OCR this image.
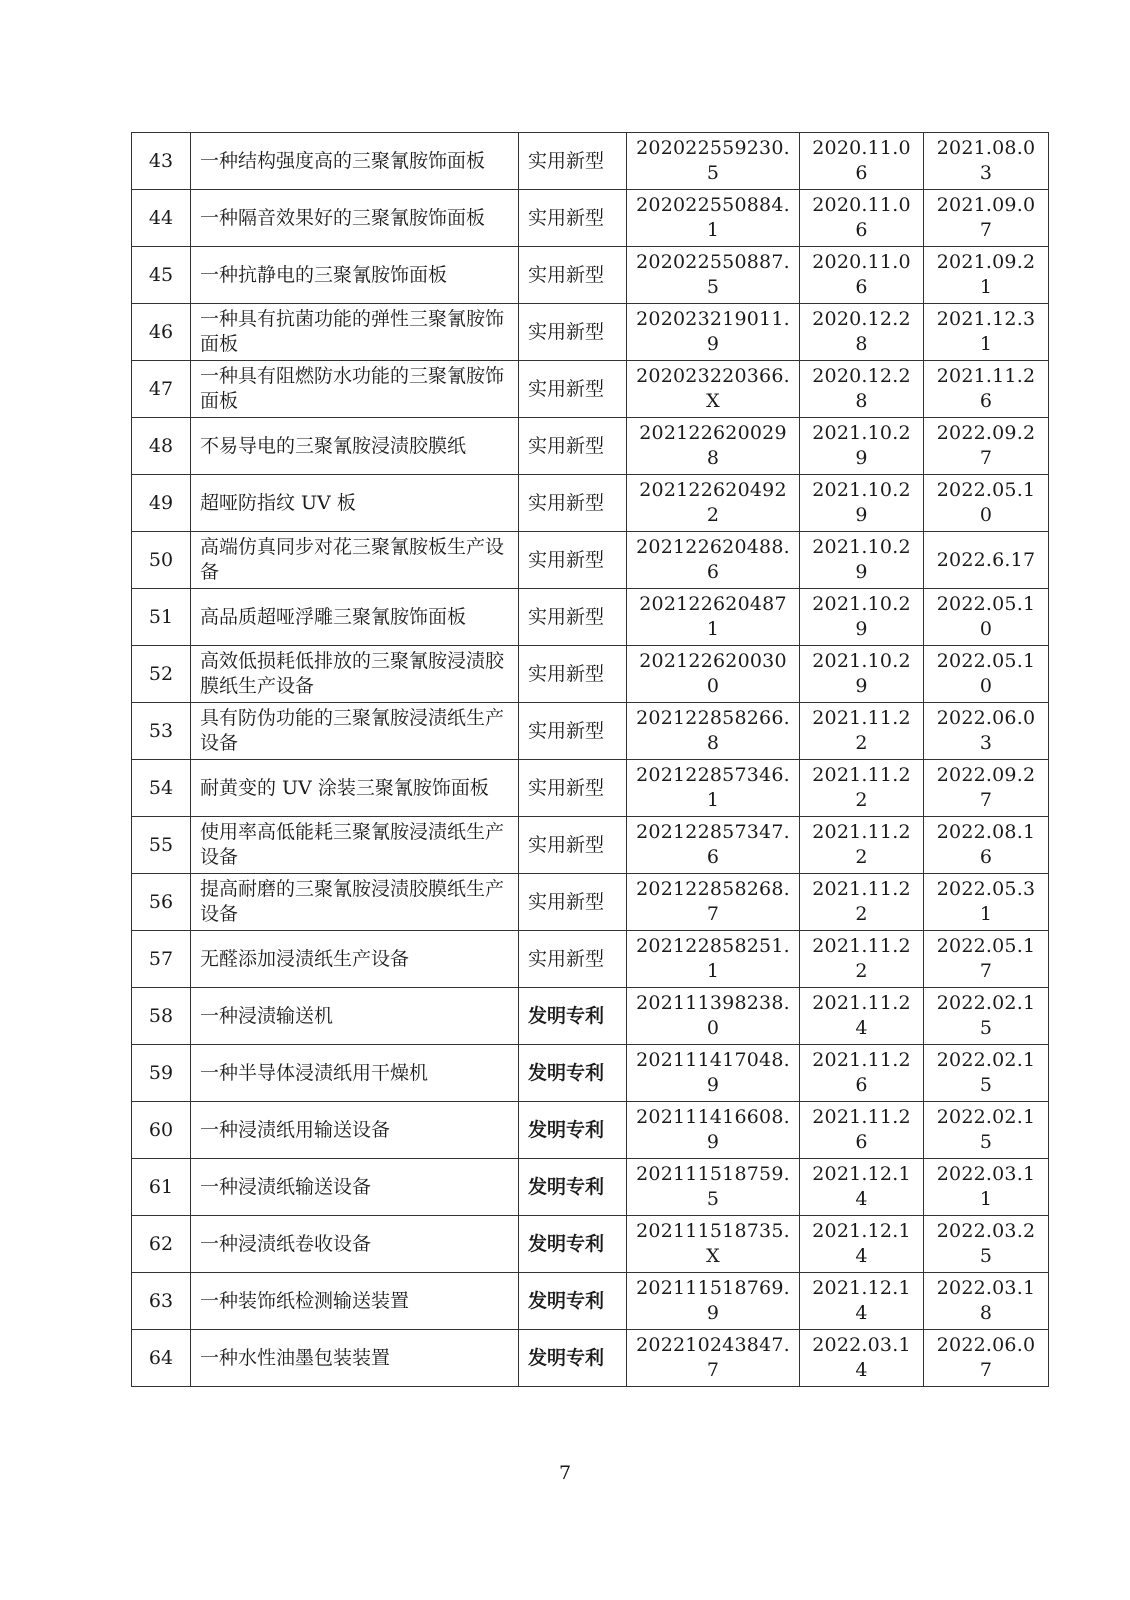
43	一种结构强度高的三聚氰胺饰面板	实用新型	202022559230.5	2020.11.06	2021.08.03
44	一种隔音效果好的三聚氰胺饰面板	实用新型	202022550884.1	2020.11.06	2021.09.07
45	一种抗静电的三聚氰胺饰面板	实用新型	202022550887.5	2020.11.06	2021.09.21
46	一种具有抗菌功能的弹性三聚氰胺饰面板	实用新型	202023219011.9	2020.12.28	2021.12.31
47	一种具有阻燃防水功能的三聚氰胺饰面板	实用新型	202023220366.X	2020.12.28	2021.11.26
48	不易导电的三聚氰胺浸渍胶膜纸	实用新型	2021226200298	2021.10.29	2022.09.27
49	超哑防指纹 UV 板	实用新型	2021226204922	2021.10.29	2022.05.10
50	高端仿真同步对花三聚氰胺板生产设备	实用新型	202122620488.6	2021.10.29	2022.6.17
51	高品质超哑浮雕三聚氰胺饰面板	实用新型	2021226204871	2021.10.29	2022.05.10
52	高效低损耗低排放的三聚氰胺浸渍胶膜纸生产设备	实用新型	2021226200300	2021.10.29	2022.05.10
53	具有防伪功能的三聚氰胺浸渍纸生产设备	实用新型	202122858266.8	2021.11.22	2022.06.03
54	耐黄变的 UV 涂装三聚氰胺饰面板	实用新型	202122857346.1	2021.11.22	2022.09.27
55	使用率高低能耗三聚氰胺浸渍纸生产设备	实用新型	202122857347.6	2021.11.22	2022.08.16
56	提高耐磨的三聚氰胺浸渍胶膜纸生产设备	实用新型	202122858268.7	2021.11.22	2022.05.31
57	无醛添加浸渍纸生产设备	实用新型	202122858251.1	2021.11.22	2022.05.17
58	一种浸渍输送机	发明专利	202111398238.0	2021.11.24	2022.02.15
59	一种半导体浸渍纸用干燥机	发明专利	202111417048.9	2021.11.26	2022.02.15
60	一种浸渍纸用输送设备	发明专利	202111416608.9	2021.11.26	2022.02.15
61	一种浸渍纸输送设备	发明专利	202111518759.5	2021.12.14	2022.03.11
62	一种浸渍纸卷收设备	发明专利	202111518735.X	2021.12.14	2022.03.25
63	一种装饰纸检测输送装置	发明专利	202111518769.9	2021.12.14	2022.03.18
64	一种水性油墨包装装置	发明专利	202210243847.7	2022.03.14	2022.06.07
7
